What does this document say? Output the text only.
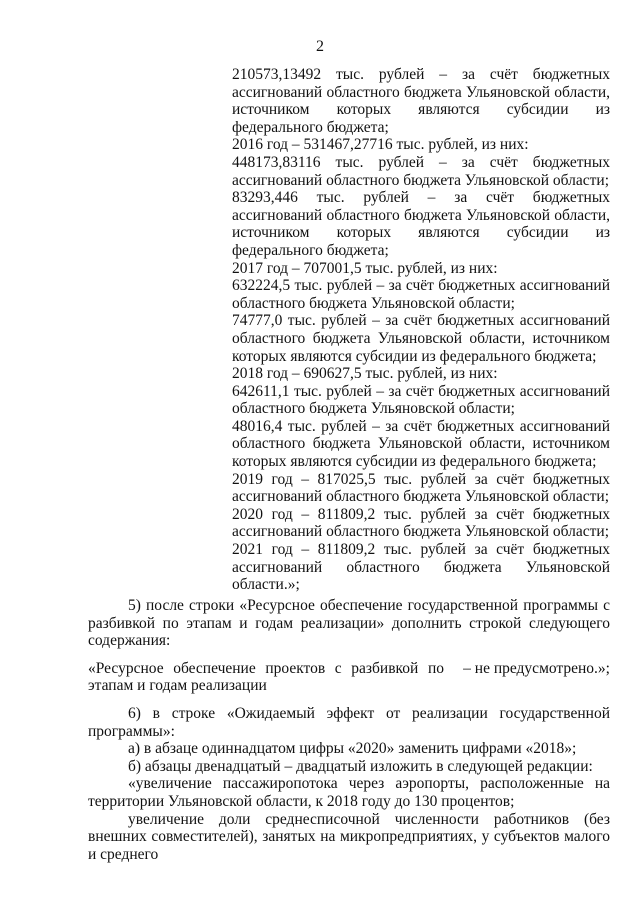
2

210573,13492 тыс. рублей – за счёт бюджетных ассигнований областного бюджета Ульяновской области, источником которых являются субсидии из федерального бюджета;

2016 год – 531467,27716 тыс. рублей, из них:

448173,83116 тыс. рублей – за счёт бюджетных ассигнований областного бюджета Ульяновской области;

83293,446 тыс. рублей – за счёт бюджетных ассигнований областного бюджета Ульяновской области, источником которых являются субсидии из федерального бюджета;

2017 год – 707001,5 тыс. рублей, из них:

632224,5 тыс. рублей – за счёт бюджетных ассигнований областного бюджета Ульяновской области;

74777,0 тыс. рублей – за счёт бюджетных ассигнований областного бюджета Ульяновской области, источником которых являются субсидии из федерального бюджета;

2018 год – 690627,5 тыс. рублей, из них:

642611,1 тыс. рублей – за счёт бюджетных ассигнований областного бюджета Ульяновской области;

48016,4 тыс. рублей – за счёт бюджетных ассигнований областного бюджета Ульяновской области, источником которых являются субсидии из федерального бюджета;

2019 год – 817025,5 тыс. рублей за счёт бюджетных ассигнований областного бюджета Ульяновской области;

2020 год – 811809,2 тыс. рублей за счёт бюджетных ассигнований областного бюджета Ульяновской области;

2021 год – 811809,2 тыс. рублей за счёт бюджетных ассигнований областного бюджета Ульяновской
области.»;

5) после строки «Ресурсное обеспечение государственной программы с разбивкой по этапам и годам реализации» дополнить строкой следующего содержания:

«Ресурсное обеспечение проектов с разбивкой по этапам и годам реализации

– не предусмотрено.»;

6) в строке «Ожидаемый эффект от реализации государственной программы»:

а) в абзаце одиннадцатом цифры «2020» заменить цифрами «2018»;

б) абзацы двенадцатый – двадцатый изложить в следующей редакции:

«увеличение пассажиропотока через аэропорты, расположенные на территории Ульяновской области, к 2018 году до 130 процентов;

увеличение доли среднесписочной численности работников (без внешних совместителей), занятых на микропредприятиях, у субъектов малого и среднего
